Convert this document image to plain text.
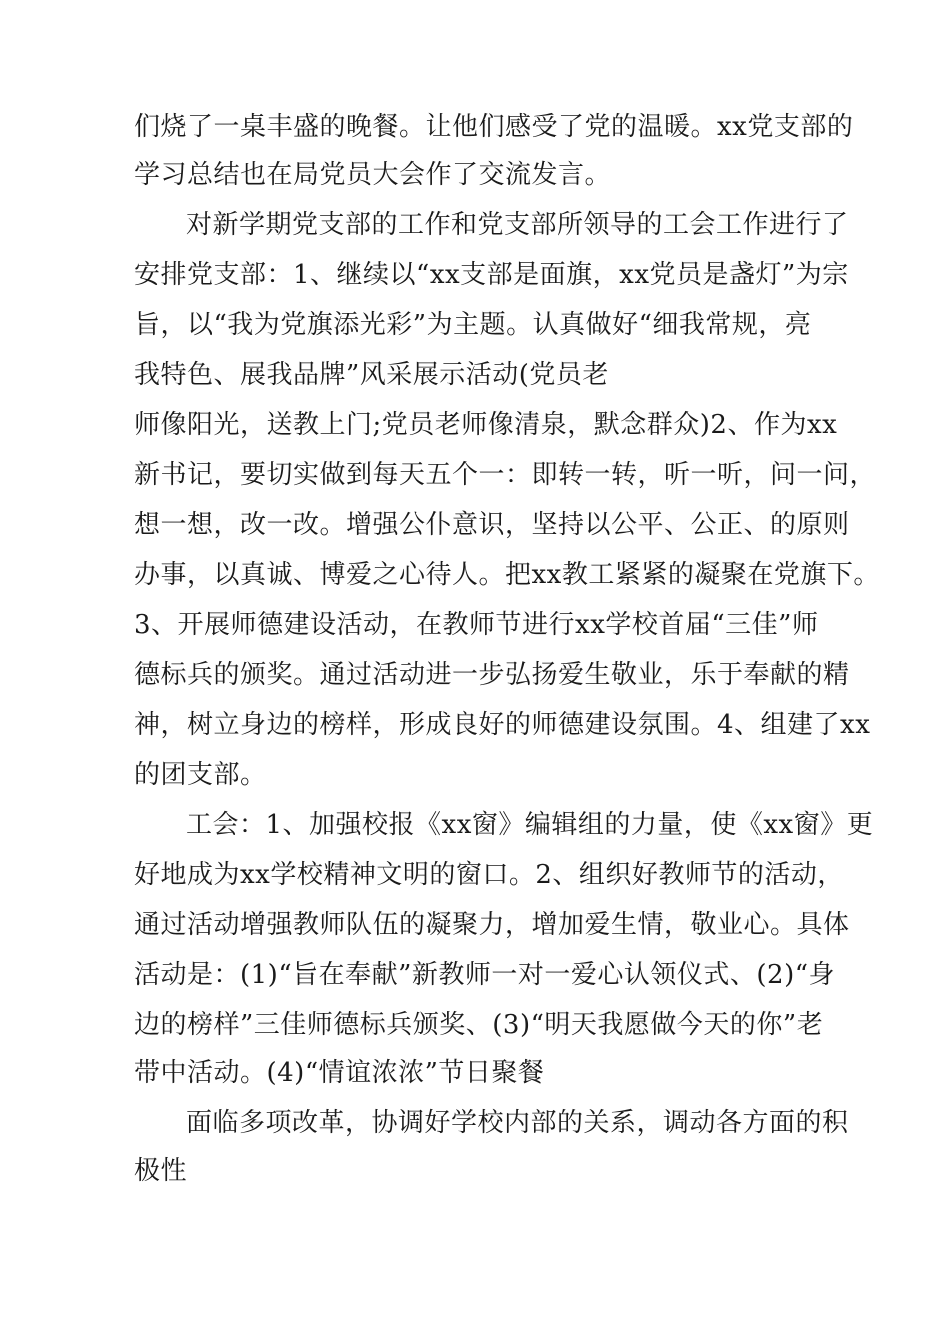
们烧了一桌丰盛的晚餐。让他们感受了党的温暖。xx党支部的
学习总结也在局党员大会作了交流发言。
对新学期党支部的工作和党支部所领导的工会工作进行了
安排党支部：1、继续以“xx支部是面旗，xx党员是盏灯”为宗
旨，以“我为党旗添光彩”为主题。认真做好“细我常规，亮
我特色、展我品牌”风采展示活动(党员老
师像阳光，送教上门;党员老师像清泉，默念群众)2、作为xx
新书记，要切实做到每天五个一：即转一转，听一听，问一问，
想一想，改一改。增强公仆意识，坚持以公平、公正、的原则
办事，以真诚、博爱之心待人。把xx教工紧紧的凝聚在党旗下。
3、开展师德建设活动，在教师节进行xx学校首届“三佳”师
德标兵的颁奖。通过活动进一步弘扬爱生敬业，乐于奉献的精
神，树立身边的榜样，形成良好的师德建设氛围。4、组建了xx
的团支部。
工会：1、加强校报《xx窗》编辑组的力量，使《xx窗》更
好地成为xx学校精神文明的窗口。2、组织好教师节的活动，
通过活动增强教师队伍的凝聚力，增加爱生情，敬业心。具体
活动是：(1)“旨在奉献”新教师一对一爱心认领仪式、(2)“身
边的榜样”三佳师德标兵颁奖、(3)“明天我愿做今天的你”老
带中活动。(4)“情谊浓浓”节日聚餐
面临多项改革，协调好学校内部的关系，调动各方面的积
极性
